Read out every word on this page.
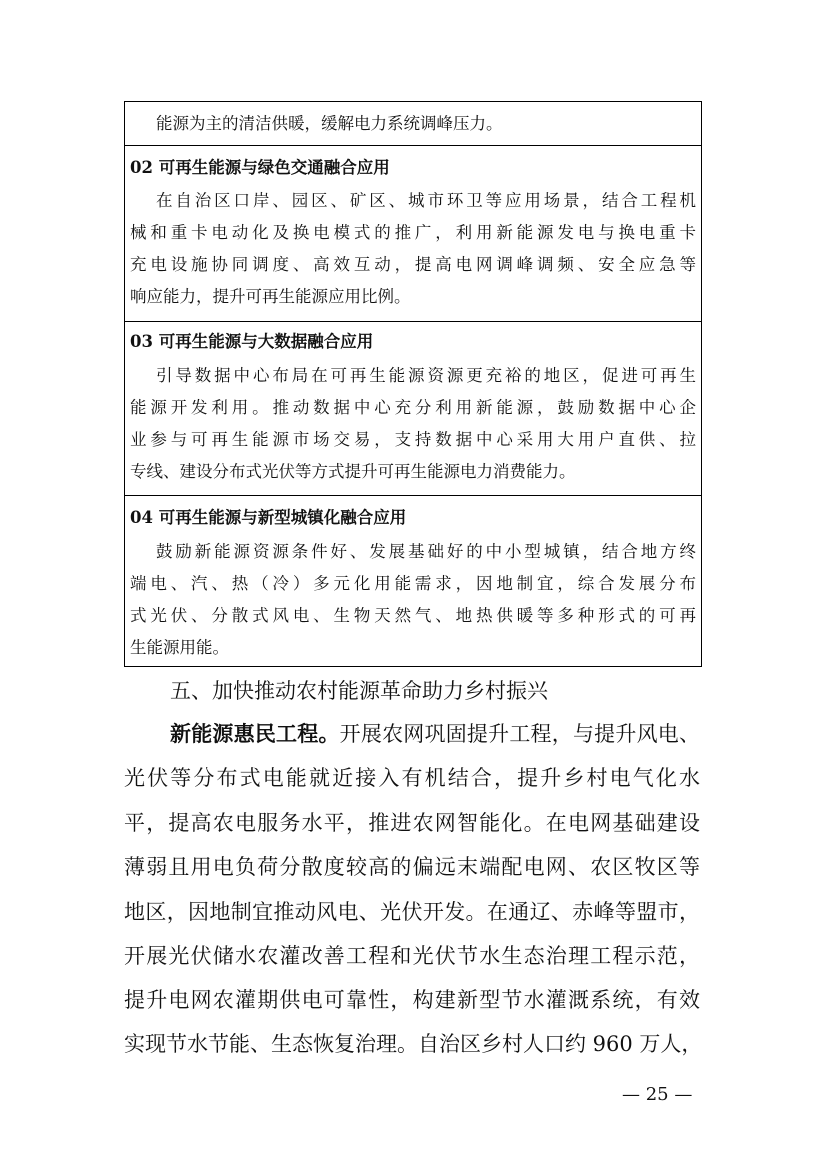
能源为主的清洁供暖，缓解电力系统调峰压力。
02 可再生能源与绿色交通融合应用
在自治区口岸、园区、矿区、城市环卫等应用场景，结合工程机
械和重卡电动化及换电模式的推广，利用新能源发电与换电重卡
充电设施协同调度、高效互动，提高电网调峰调频、安全应急等
响应能力，提升可再生能源应用比例。
03 可再生能源与大数据融合应用
引导数据中心布局在可再生能源资源更充裕的地区，促进可再生
能源开发利用。推动数据中心充分利用新能源，鼓励数据中心企
业参与可再生能源市场交易，支持数据中心采用大用户直供、拉
专线、建设分布式光伏等方式提升可再生能源电力消费能力。
04 可再生能源与新型城镇化融合应用
鼓励新能源资源条件好、发展基础好的中小型城镇，结合地方终
端电、汽、热（冷）多元化用能需求，因地制宜，综合发展分布
式光伏、分散式风电、生物天然气、地热供暖等多种形式的可再
生能源用能。
五、加快推动农村能源革命助力乡村振兴
新能源惠民工程。开展农网巩固提升工程，与提升风电、
光伏等分布式电能就近接入有机结合，提升乡村电气化水
平，提高农电服务水平，推进农网智能化。在电网基础建设
薄弱且用电负荷分散度较高的偏远末端配电网、农区牧区等
地区，因地制宜推动风电、光伏开发。在通辽、赤峰等盟市，
开展光伏储水农灌改善工程和光伏节水生态治理工程示范，
提升电网农灌期供电可靠性，构建新型节水灌溉系统，有效
实现节水节能、生态恢复治理。自治区乡村人口约 960 万人，
— 25 —
